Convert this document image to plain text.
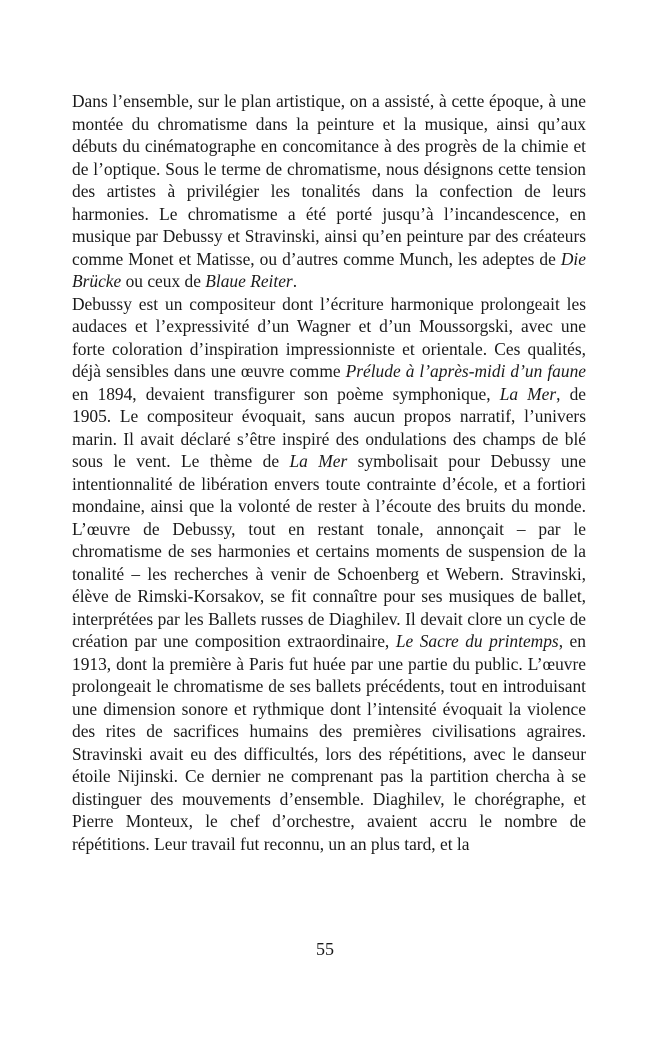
Dans l’ensemble, sur le plan artistique, on a assisté, à cette époque, à une montée du chromatisme dans la peinture et la musique, ainsi qu’aux débuts du cinématographe en concomitance à des progrès de la chimie et de l’optique. Sous le terme de chromatisme, nous désignons cette tension des artistes à privilégier les tonalités dans la confection de leurs harmonies. Le chromatisme a été porté jusqu’à l’incandescence, en musique par Debussy et Stravinski, ainsi qu’en peinture par des créateurs comme Monet et Matisse, ou d’autres comme Munch, les adeptes de Die Brücke ou ceux de Blaue Reiter.

Debussy est un compositeur dont l’écriture harmonique prolongeait les audaces et l’expressivité d’un Wagner et d’un Moussorgski, avec une forte coloration d’inspiration impressionniste et orientale. Ces qualités, déjà sensibles dans une œuvre comme Prélude à l’après-midi d’un faune en 1894, devaient transfigurer son poème symphonique, La Mer, de 1905. Le compositeur évoquait, sans aucun propos narratif, l’univers marin. Il avait déclaré s’être inspiré des ondulations des champs de blé sous le vent. Le thème de La Mer symbolisait pour Debussy une intentionnalité de libération envers toute contrainte d’école, et a fortiori mondaine, ainsi que la volonté de rester à l’écoute des bruits du monde. L’œuvre de Debussy, tout en restant tonale, annonçait – par le chromatisme de ses harmonies et certains moments de suspension de la tonalité – les recherches à venir de Schoenberg et Webern. Stravinski, élève de Rimski-Korsakov, se fit connaître pour ses musiques de ballet, interprétées par les Ballets russes de Diaghilev. Il devait clore un cycle de création par une composition extraordinaire, Le Sacre du printemps, en 1913, dont la première à Paris fut huée par une partie du public. L’œuvre prolongeait le chromatisme de ses ballets précédents, tout en introduisant une dimension sonore et rythmique dont l’intensité évoquait la violence des rites de sacrifices humains des premières civilisations agraires. Stravinski avait eu des difficultés, lors des répétitions, avec le danseur étoile Nijinski. Ce dernier ne comprenant pas la partition chercha à se distinguer des mouvements d’ensemble. Diaghilev, le chorégraphe, et Pierre Monteux, le chef d’orchestre, avaient accru le nombre de répétitions. Leur travail fut reconnu, un an plus tard, et la

55
